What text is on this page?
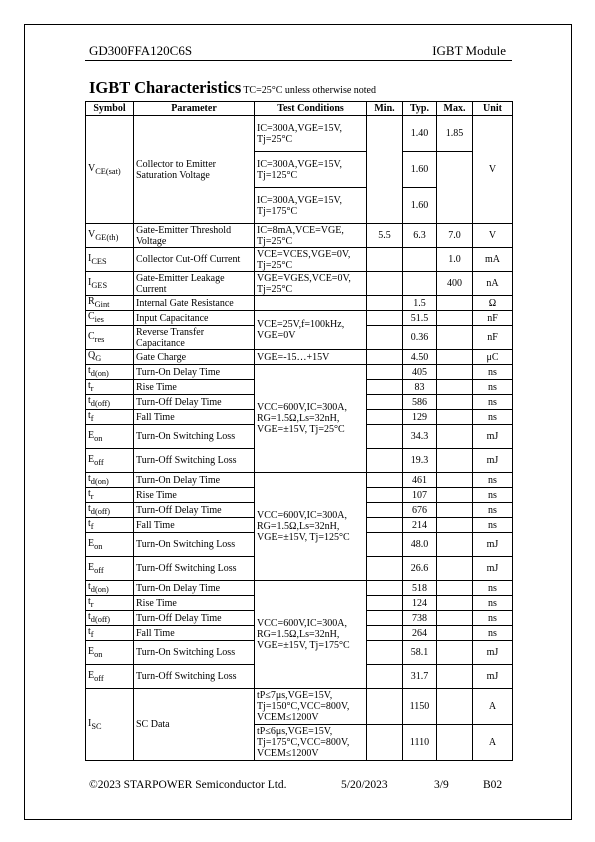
GD300FFA120C6S	IGBT Module
IGBT Characteristics TC=25°C unless otherwise noted
Symbol	Parameter	Test Conditions	Min.	Typ.	Max.	Unit
$V_{CE(sat)}$	Collector to Emitter Saturation Voltage	IC=300A,VGE=15V, Tj=25°C		1.40	1.85	V
		IC=300A,VGE=15V, Tj=125°C		1.60		
		IC=300A,VGE=15V, Tj=175°C		1.60		
$V_{GE(th)}$	Gate-Emitter Threshold Voltage	IC=8mA,VCE=VGE, Tj=25°C	5.5	6.3	7.0	V
$I_{CES}$	Collector Cut-Off Current	VCE=VCES,VGE=0V, Tj=25°C			1.0	mA
$I_{GES}$	Gate-Emitter Leakage Current	VGE=VGES,VCE=0V, Tj=25°C			400	nA
$R_{Gint}$	Internal Gate Resistance			1.5		Ω
$C_{ies}$	Input Capacitance	VCE=25V,f=100kHz, VGE=0V		51.5		nF
$C_{res}$	Reverse Transfer Capacitance			0.36		nF
$Q_G$	Gate Charge	VGE=-15…+15V		4.50		μC
$t_{d(on)}$	Turn-On Delay Time	VCC=600V,IC=300A, RG=1.5Ω,Ls=32nH, VGE=±15V, Tj=25°C		405		ns
$t_r$	Rise Time			83		ns
$t_{d(off)}$	Turn-Off Delay Time			586		ns
$t_f$	Fall Time			129		ns
$E_{on}$	Turn-On Switching Loss			34.3		mJ
$E_{off}$	Turn-Off Switching Loss			19.3		mJ
$t_{d(on)}$	Turn-On Delay Time	VCC=600V,IC=300A, RG=1.5Ω,Ls=32nH, VGE=±15V, Tj=125°C		461		ns
$t_r$	Rise Time			107		ns
$t_{d(off)}$	Turn-Off Delay Time			676		ns
$t_f$	Fall Time			214		ns
$E_{on}$	Turn-On Switching Loss			48.0		mJ
$E_{off}$	Turn-Off Switching Loss			26.6		mJ
$t_{d(on)}$	Turn-On Delay Time	VCC=600V,IC=300A, RG=1.5Ω,Ls=32nH, VGE=±15V, Tj=175°C		518		ns
$t_r$	Rise Time			124		ns
$t_{d(off)}$	Turn-Off Delay Time			738		ns
$t_f$	Fall Time			264		ns
$E_{on}$	Turn-On Switching Loss			58.1		mJ
$E_{off}$	Turn-Off Switching Loss			31.7		mJ
$I_{SC}$	SC Data	tP≤7μs,VGE=15V, Tj=150°C,VCC=800V, VCEM≤1200V		1150		A
		tP≤6μs,VGE=15V, Tj=175°C,VCC=800V, VCEM≤1200V		1110		A
©2023 STARPOWER Semiconductor Ltd.	5/20/2023	3/9	B02
